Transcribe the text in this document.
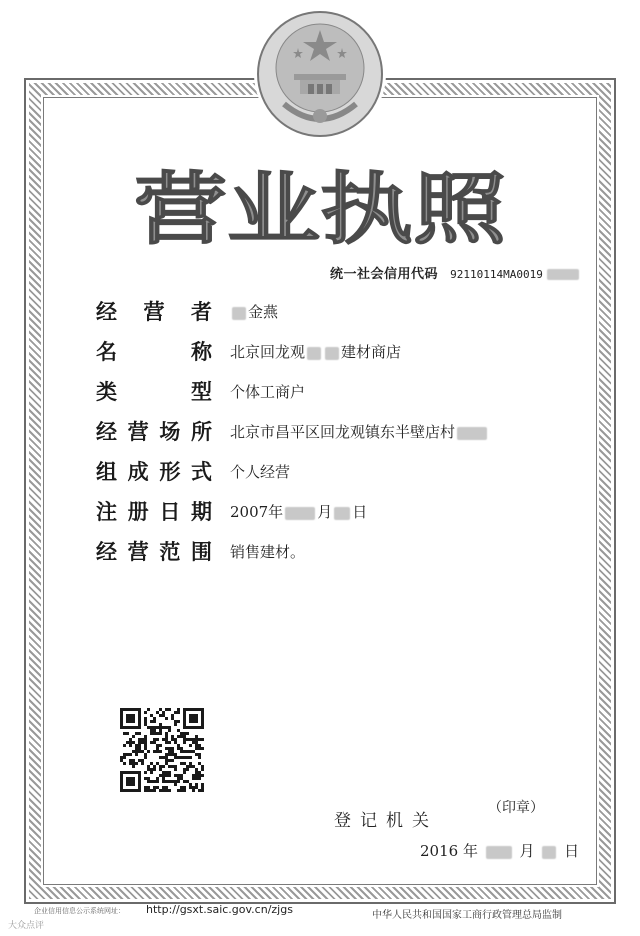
营业执照
统一社会信用代码 92110114MA0019
经 营 者	金燕
名	称 北京回龙观 建材商店
类	型 个体工商户
经 营 场 所 北京市昌平区回龙观镇东半壁店村
组 成 形 式 个人经营
注 册 日 期 2007年 月 日
经 营 范 围 销售建材。
登记机关
（印章）
2016 年	月 日
企业信用信息公示系统网址： http://gsxt.saic.gov.cn/zjgs	中华人民共和国国家工商行政管理总局监制
大众点评
